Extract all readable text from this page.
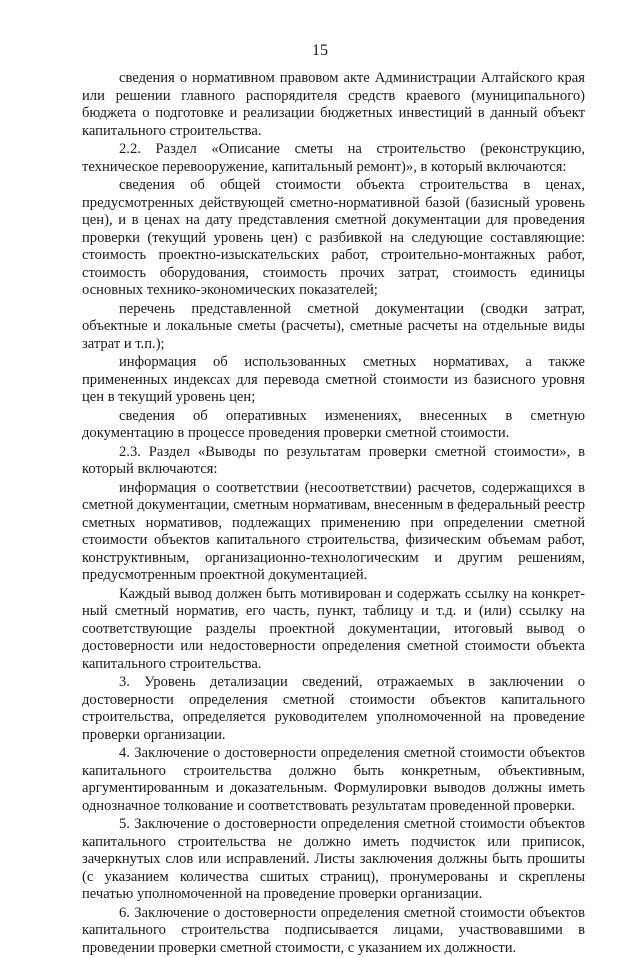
15

сведения о нормативном правовом акте Администрации Алтайского края или решении главного распорядителя средств краевого (муниципального) бюджета о подготовке и реализации бюджетных инвестиций в данный объект капитального строительства.

2.2. Раздел «Описание сметы на строительство (реконструкцию, техническое перевооружение, капитальный ремонт)», в который включаются:

сведения об общей стоимости объекта строительства в ценах, предусмотренных действующей сметно-нормативной базой (базисный уровень цен), и в ценах на дату представления сметной документации для проведения проверки (текущий уровень цен) с разбивкой на следующие составляющие: стоимость проектно-изыскательских работ, строительно-монтажных работ, стоимость оборудования, стоимость прочих затрат, стоимость единицы основных технико-экономических показателей;

перечень представленной сметной документации (сводки затрат, объектные и локальные сметы (расчеты), сметные расчеты на отдельные виды затрат и т.п.);

информация об использованных сметных нормативах, а также примененных индексах для перевода сметной стоимости из базисного уровня цен в текущий уровень цен;

сведения об оперативных изменениях, внесенных в сметную документацию в процессе проведения проверки сметной стоимости.

2.3. Раздел «Выводы по результатам проверки сметной стоимости», в который включаются:

информация о соответствии (несоответствии) расчетов, содержащихся в сметной документации, сметным нормативам, внесенным в федеральный реестр сметных нормативов, подлежащих применению при определении сметной стоимости объектов капитального строительства, физическим объемам работ, конструктивным, организационно-технологическим и другим решениям, предусмотренным проектной документацией.

Каждый вывод должен быть мотивирован и содержать ссылку на конкретный сметный норматив, его часть, пункт, таблицу и т.д. и (или) ссылку на соответствующие разделы проектной документации, итоговый вывод о достоверности или недостоверности определения сметной стоимости объекта капитального строительства.

3. Уровень детализации сведений, отражаемых в заключении о достоверности определения сметной стоимости объектов капитального строительства, определяется руководителем уполномоченной на проведение проверки организации.

4. Заключение о достоверности определения сметной стоимости объектов капитального строительства должно быть конкретным, объективным, аргументированным и доказательным. Формулировки выводов должны иметь однозначное толкование и соответствовать результатам проведенной проверки.

5. Заключение о достоверности определения сметной стоимости объектов капитального строительства не должно иметь подчисток или приписок, зачеркнутых слов или исправлений. Листы заключения должны быть прошиты (с указанием количества сшитых страниц), пронумерованы и скреплены печатью уполномоченной на проведение проверки организации.

6. Заключение о достоверности определения сметной стоимости объектов капитального строительства подписывается лицами, участвовавшими в проведении проверки сметной стоимости, с указанием их должности.
